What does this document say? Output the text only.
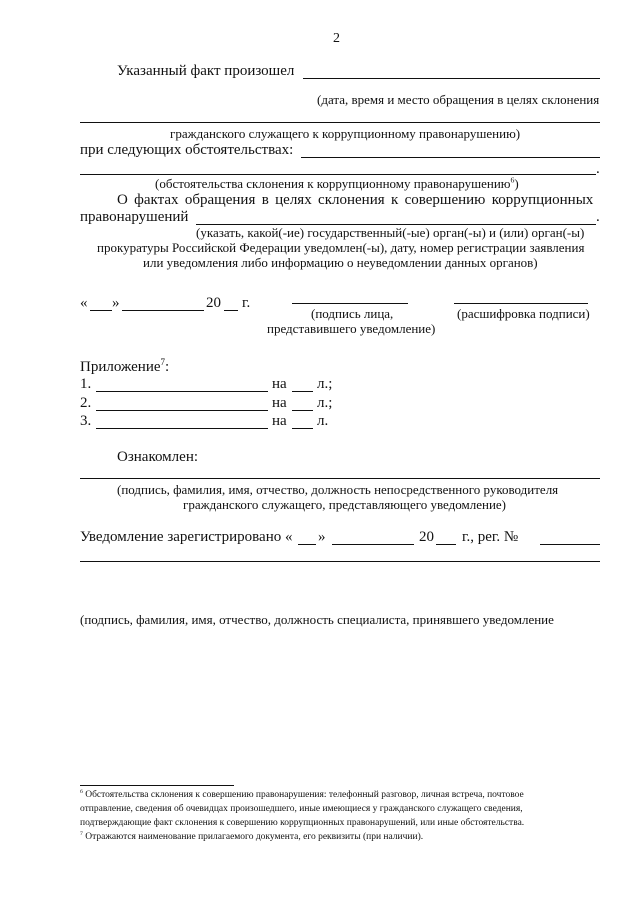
2
Указанный факт произошел
(дата, время и место обращения в целях склонения
гражданского служащего к коррупционному правонарушению)
при следующих обстоятельствах:
.
(обстоятельства склонения к коррупционному правонарушению$^6$)
О фактах обращения в целях склонения к совершению коррупционных
правонарушений	.
(указать, какой(-ие) государственный(-ые) орган(-ы) и (или) орган(-ы)
прокуратуры Российской Федерации уведомлен(-ы), дату, номер регистрации заявления
или уведомления либо информацию о неуведомлении данных органов)
« »	20 г.
(подпись лица,
представившего уведомление)
(расшифровка подписи)
Приложение$^7$:
1.	на л.;
2.	на л.;
3.	на л.
Ознакомлен:
(подпись, фамилия, имя, отчество, должность непосредственного руководителя
гражданского служащего, представляющего уведомление)
Уведомление зарегистрировано « »	20 г., рег. №
(подпись, фамилия, имя, отчество, должность специалиста, принявшего уведомление
$^6$ Обстоятельства склонения к совершению правонарушения: телефонный разговор, личная встреча, почтовое
отправление, сведения об очевидцах произошедшего, иные имеющиеся у гражданского служащего сведения,
подтверждающие факт склонения к совершению коррупционных правонарушений, или иные обстоятельства.
$^7$ Отражаются наименование прилагаемого документа, его реквизиты (при наличии).
